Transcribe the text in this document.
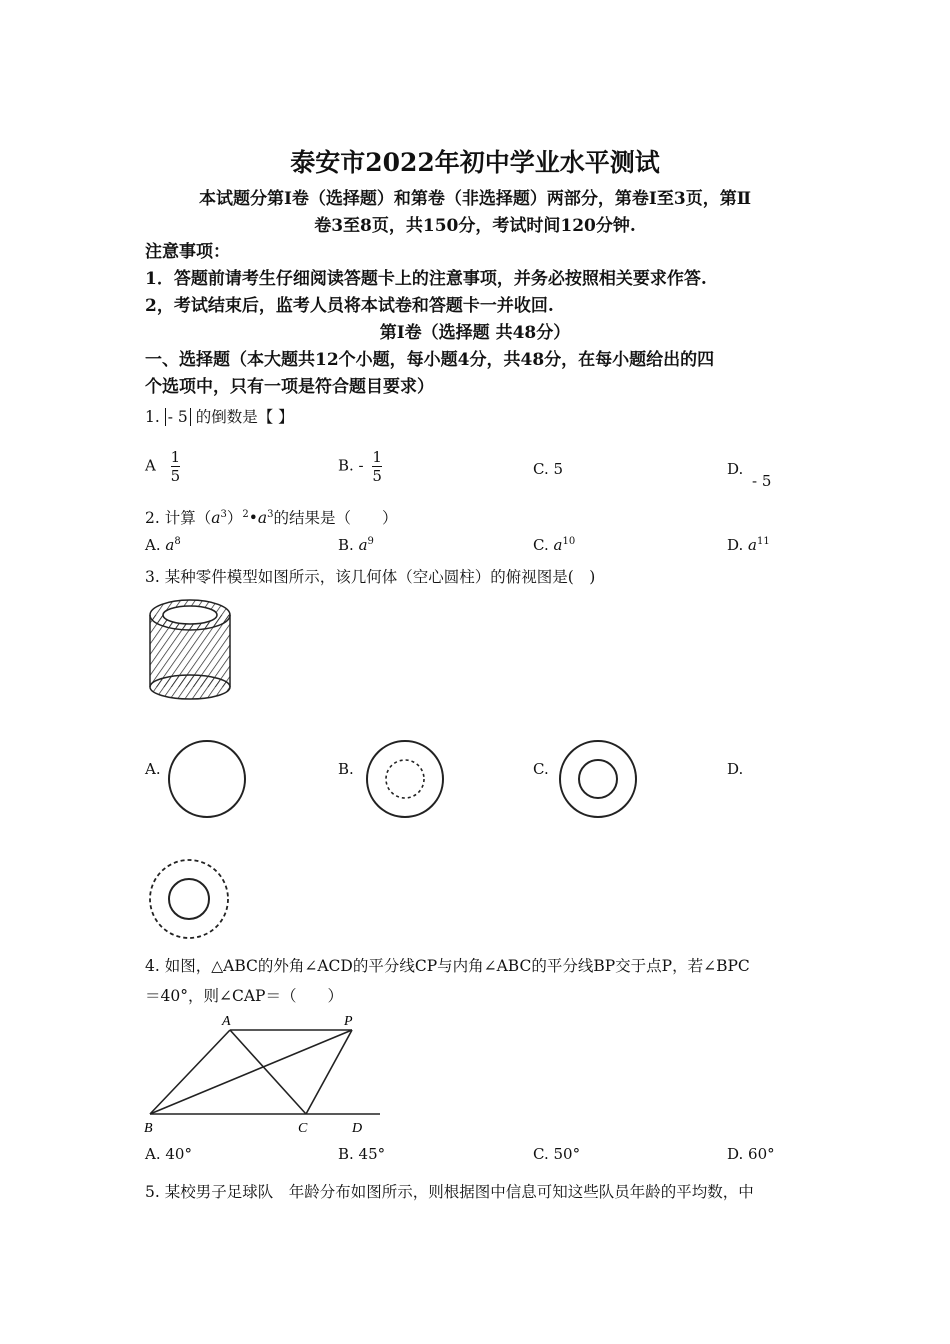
泰安市2022年初中学业水平测试
本试题分第Ⅰ卷（选择题）和第卷（非选择题）两部分，第卷Ⅰ至3页，第Ⅱ
卷3至8页，共150分，考试时间120分钟.
注意事项：
1．答题前请考生仔细阅读答题卡上的注意事项，并务必按照相关要求作答.
2，考试结束后，监考人员将本试卷和答题卡一并收回.
第Ⅰ卷（选择题 共48分）
一、选择题（本大题共12个小题，每小题4分，共48分，在每小题给出的四
个选项中，只有一项是符合题目要求）
1. - 5 的倒数是【 】
A $\frac{1}{5}$	B. - $\frac{1}{5}$	C. 5	D. - 5
2. 计算$(a^3)^2•a^3$的结果是（　　）
A. $a^8$	B. $a^9$	C. $a^{10}$	D. $a^{11}$
3. 某种零件模型如图所示，该几何体（空心圆柱）的俯视图是(　)
A.	B.	C.	D.
4. 如图，△ABC的外角∠ACD的平分线CP与内角∠ABC的平分线BP交于点P，若∠BPC
＝40°，则∠CAP＝（　　）
A	P
B	C	D
A. 40°	B. 45°	C. 50°	D. 60°
5. 某校男子足球队　年龄分布如图所示，则根据图中信息可知这些队员年龄的平均数，中
